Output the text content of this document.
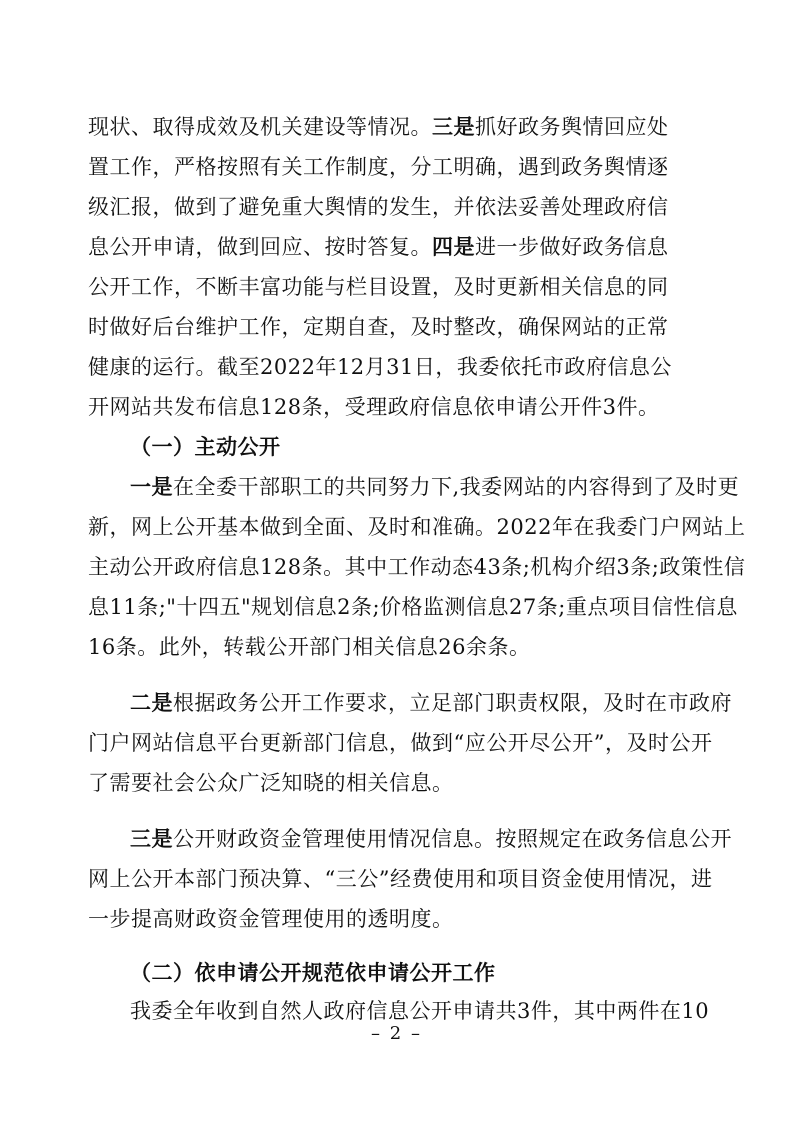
现状、取得成效及机关建设等情况。三是抓好政务舆情回应处
置工作，严格按照有关工作制度，分工明确，遇到政务舆情逐
级汇报，做到了避免重大舆情的发生，并依法妥善处理政府信
息公开申请，做到回应、按时答复。四是进一步做好政务信息
公开工作，不断丰富功能与栏目设置，及时更新相关信息的同
时做好后台维护工作，定期自查，及时整改，确保网站的正常
健康的运行。截至2022年12月31日，我委依托市政府信息公
开网站共发布信息128条，受理政府信息依申请公开件3件。
（一）主动公开
一是在全委干部职工的共同努力下,我委网站的内容得到了及时更
新，网上公开基本做到全面、及时和准确。2022年在我委门户网站上
主动公开政府信息128条。其中工作动态43条;机构介绍3条;政策性信
息11条;"十四五"规划信息2条;价格监测信息27条;重点项目信性信息
16条。此外，转载公开部门相关信息26余条。
二是根据政务公开工作要求，立足部门职责权限，及时在市政府
门户网站信息平台更新部门信息，做到“应公开尽公开”，及时公开
了需要社会公众广泛知晓的相关信息。
三是公开财政资金管理使用情况信息。按照规定在政务信息公开
网上公开本部门预决算、“三公”经费使用和项目资金使用情况，进
一步提高财政资金管理使用的透明度。
（二）依申请公开规范依申请公开工作
我委全年收到自然人政府信息公开申请共3件，其中两件在10
– 2 –
